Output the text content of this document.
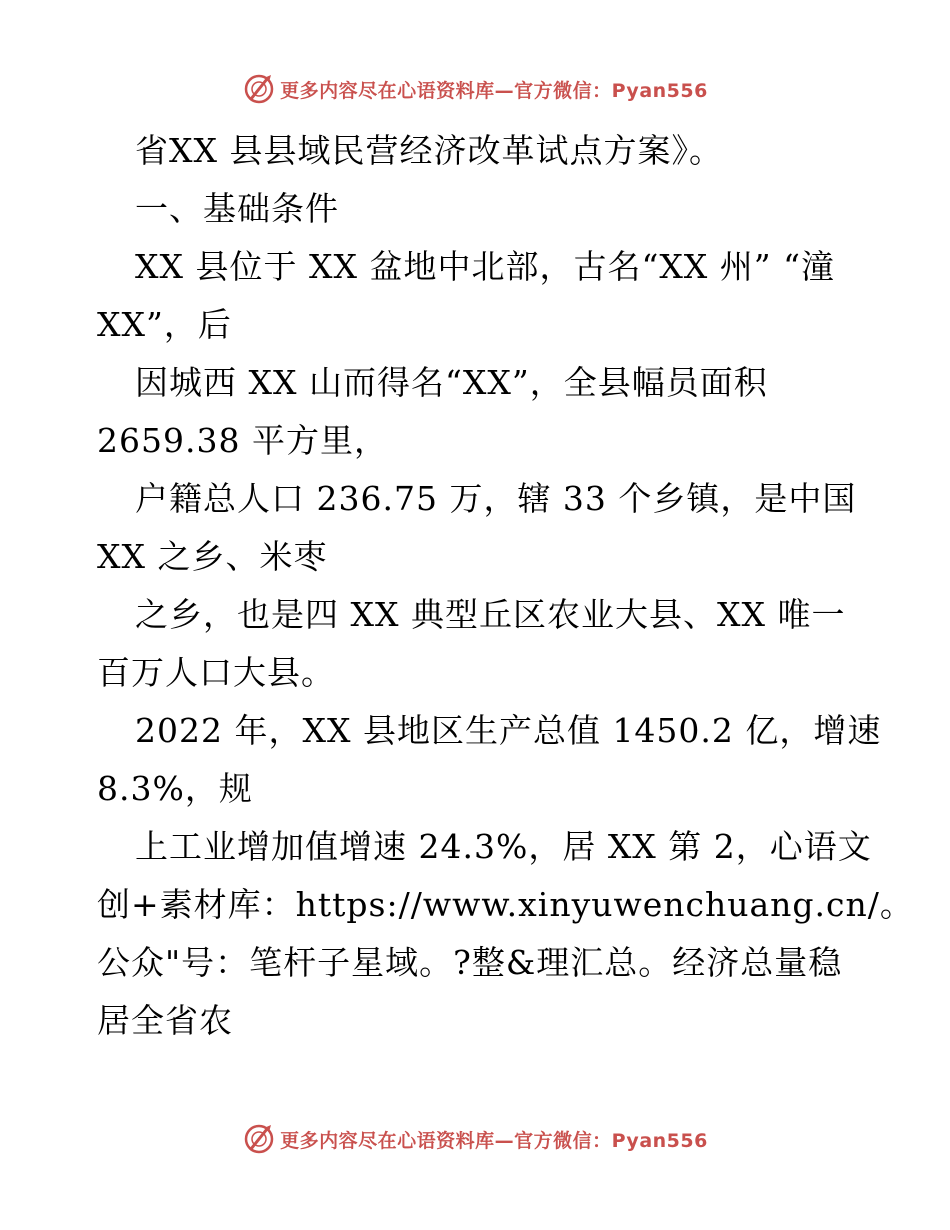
更多内容尽在心语资料库—官方微信：Pyan556
省XX 县县域民营经济改革试点方案》。
一、基础条件
XX 县位于 XX 盆地中北部，古名“XX 州” “潼
XX”，后
因城西 XX 山而得名“XX”，全县幅员面积
2659.38 平方里，
户籍总人口 236.75 万，辖 33 个乡镇，是中国
XX 之乡、米枣
之乡，也是四 XX 典型丘区农业大县、XX 唯一
百万人口大县。
2022 年，XX 县地区生产总值 1450.2 亿，增速
8.3%，规
上工业增加值增速 24.3%，居 XX 第 2，心语文
创+素材库：https://www.xinyuwenchuang.cn/。
公众"号：笔杆子星域。?整&理汇总。经济总量稳
居全省农
更多内容尽在心语资料库—官方微信：Pyan556
